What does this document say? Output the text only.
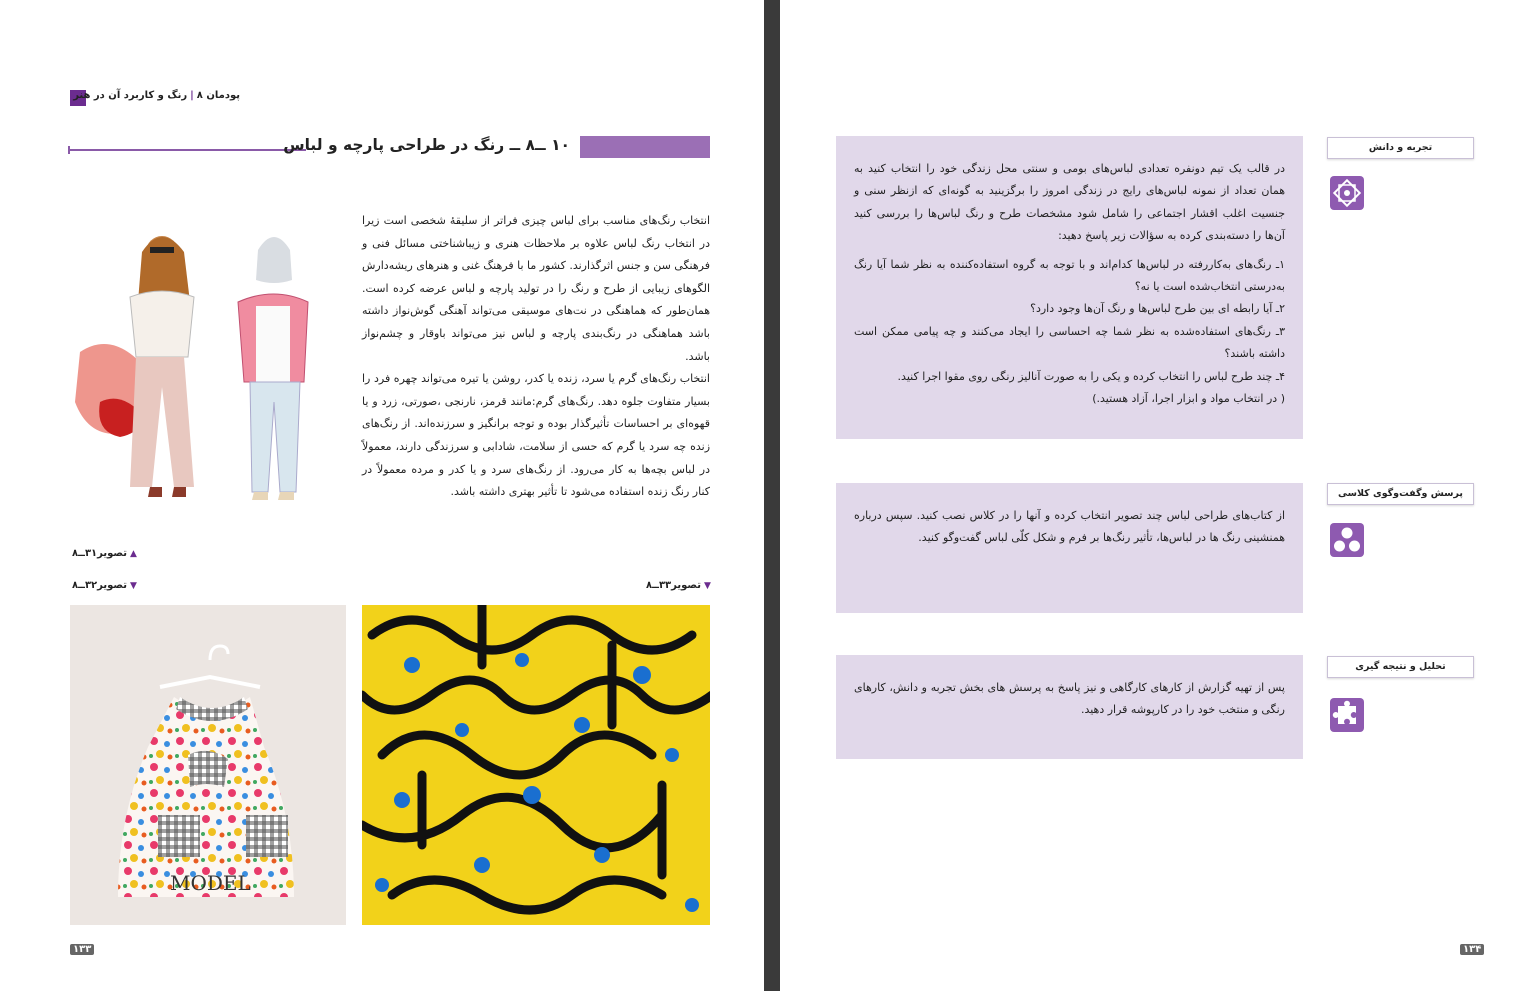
پودمان ۸|رنگ و کاربرد آن در هنر
۱۰ ــ۸ ــ رنگ در طراحی پارچه و لباس

انتخاب رنگ‌های مناسب برای لباس چیزی فراتر از سلیقهٔ شخصی است زیرا در انتخاب رنگ لباس علاوه بر ملاحظات هنری و زیباشناختی مسائل فنی و فرهنگی سن و جنس اثرگذارند. کشور ما با فرهنگ غنی و هنرهای ریشه‌دارش الگوهای زیبایی از طرح و رنگ را در تولید پارچه و لباس عرضه کرده است. همان‌طور که هماهنگی در نت‌های موسیقی می‌تواند آهنگی گوش‌نواز داشته باشد هماهنگی در رنگ‌بندی پارچه و لباس نیز می‌تواند باوقار و چشم‌نواز باشد.

انتخاب رنگ‌های گرم یا سرد، زنده یا کدر، روشن یا تیره می‌تواند چهره فرد را بسیار متفاوت جلوه دهد. رنگ‌های گرم:مانند قرمز، نارنجی ،صورتی، زرد و یا قهوه‌ای بر احساسات تأثیرگذار بوده و توجه برانگیز و سرزنده‌اند. از رنگ‌های زنده چه سرد یا گرم که حسی از سلامت، شادابی و سرزندگی دارند، معمولاً در لباس بچه‌ها به کار می‌رود. از رنگ‌های سرد و یا کدر و مرده معمولاً در کنار رنگ زنده استفاده می‌شود تا تأثیر بهتری داشته باشد.

▲تصویر۳۱ــ۸
▼تصویر۳۲ــ۸	▼تصویر۳۳ــ۸
MODEL
۱۳۳

در قالب یک تیم دونفره تعدادی لباس‌های بومی و سنتی محل زندگی خود را انتخاب کنید به همان تعداد از نمونه لباس‌های رایج در زندگی امروز را برگزینید به گونه‌ای که ازنظر سنی و جنسیت اغلب اقشار اجتماعی را شامل شود مشخصات طرح و رنگ لباس‌ها را بررسی کنید آن‌ها را دسته‌بندی کرده به سؤالات زیر پاسخ دهید:

۱ـ رنگ‌های به‌کاررفته در لباس‌ها کدام‌اند و با توجه به گروه استفاده‌کننده به نظر شما آیا رنگ به‌درستی انتخاب‌شده است یا نه؟

۲ـ آیا رابطه ای بین طرح لباس‌ها و رنگ آن‌ها وجود دارد؟

۳ـ رنگ‌های استفاده‌شده به نظر شما چه احساسی را ایجاد می‌کنند و چه پیامی ممکن است داشته باشند؟

۴ـ چند طرح لباس را انتخاب کرده و یکی را به صورت آنالیز رنگی روی مقوا اجرا کنید.

( در انتخاب مواد و ابزار اجرا، آزاد هستید.)

تجربه و دانش

از کتاب‌های طراحی لباس چند تصویر انتخاب کرده و آنها را در کلاس نصب کنید. سپس درباره همنشینی رنگ ها در لباس‌ها، تأثیر رنگ‌ها بر فرم و شکل کلّی لباس گفت‌وگو کنید.

پرسش وگفت‌وگوی کلاسی

پس از تهیه گزارش از کارهای کارگاهی و نیز پاسخ به پرسش های بخش تجربه و دانش، کارهای رنگی و منتخب خود را در کارپوشه قرار دهید.

تحلیل و نتیجه گیری
۱۳۴
